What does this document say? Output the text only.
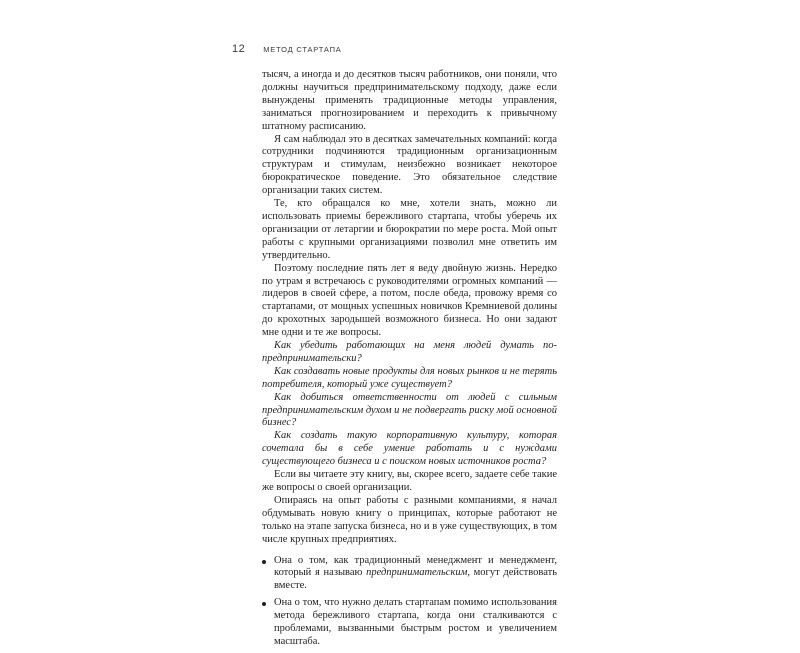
12 МЕТОД СТАРТАПА

тысяч, а иногда и до десятков тысяч работников, они поняли, что должны научиться предпринимательскому подходу, даже если вынуждены применять традиционные методы управления, заниматься прогнозированием и переходить к привычному штатному расписанию.

Я сам наблюдал это в десятках замечательных компаний: когда сотрудники подчиняются традиционным организационным структурам и стимулам, неизбежно возникает некоторое бюрократическое поведение. Это обязательное следствие организации таких систем.

Те, кто обращался ко мне, хотели знать, можно ли использовать приемы бережливого стартапа, чтобы уберечь их организации от летаргии и бюрократии по мере роста. Мой опыт работы с крупными организациями позволил мне ответить им утвердительно.

Поэтому последние пять лет я веду двойную жизнь. Нередко по утрам я встречаюсь с руководителями огромных компаний — лидеров в своей сфере, а потом, после обеда, провожу время со стартапами, от мощных успешных новичков Кремниевой долины до крохотных зародышей возможного бизнеса. Но они задают мне одни и те же вопросы.

Как убедить работающих на меня людей думать по-предпринимательски?

Как создавать новые продукты для новых рынков и не терять потребителя, который уже существует?

Как добиться ответственности от людей с сильным предпринимательским духом и не подвергать риску мой основной бизнес?

Как создать такую корпоративную культуру, которая сочетала бы в себе умение работать и с нуждами существующего бизнеса и с поиском новых источников роста?

Если вы читаете эту книгу, вы, скорее всего, задаете себе такие же вопросы о своей организации.

Опираясь на опыт работы с разными компаниями, я начал обдумывать новую книгу о принципах, которые работают не только на этапе запуска бизнеса, но и в уже существующих, в том числе крупных предприятиях.

Она о том, как традиционный менеджмент и менеджмент, который я называю предпринимательским, могут действовать вместе.
Она о том, что нужно делать стартапам помимо использования метода бережливого стартапа, когда они сталкиваются с проблемами, вызванными быстрым ростом и увеличением масштаба.
